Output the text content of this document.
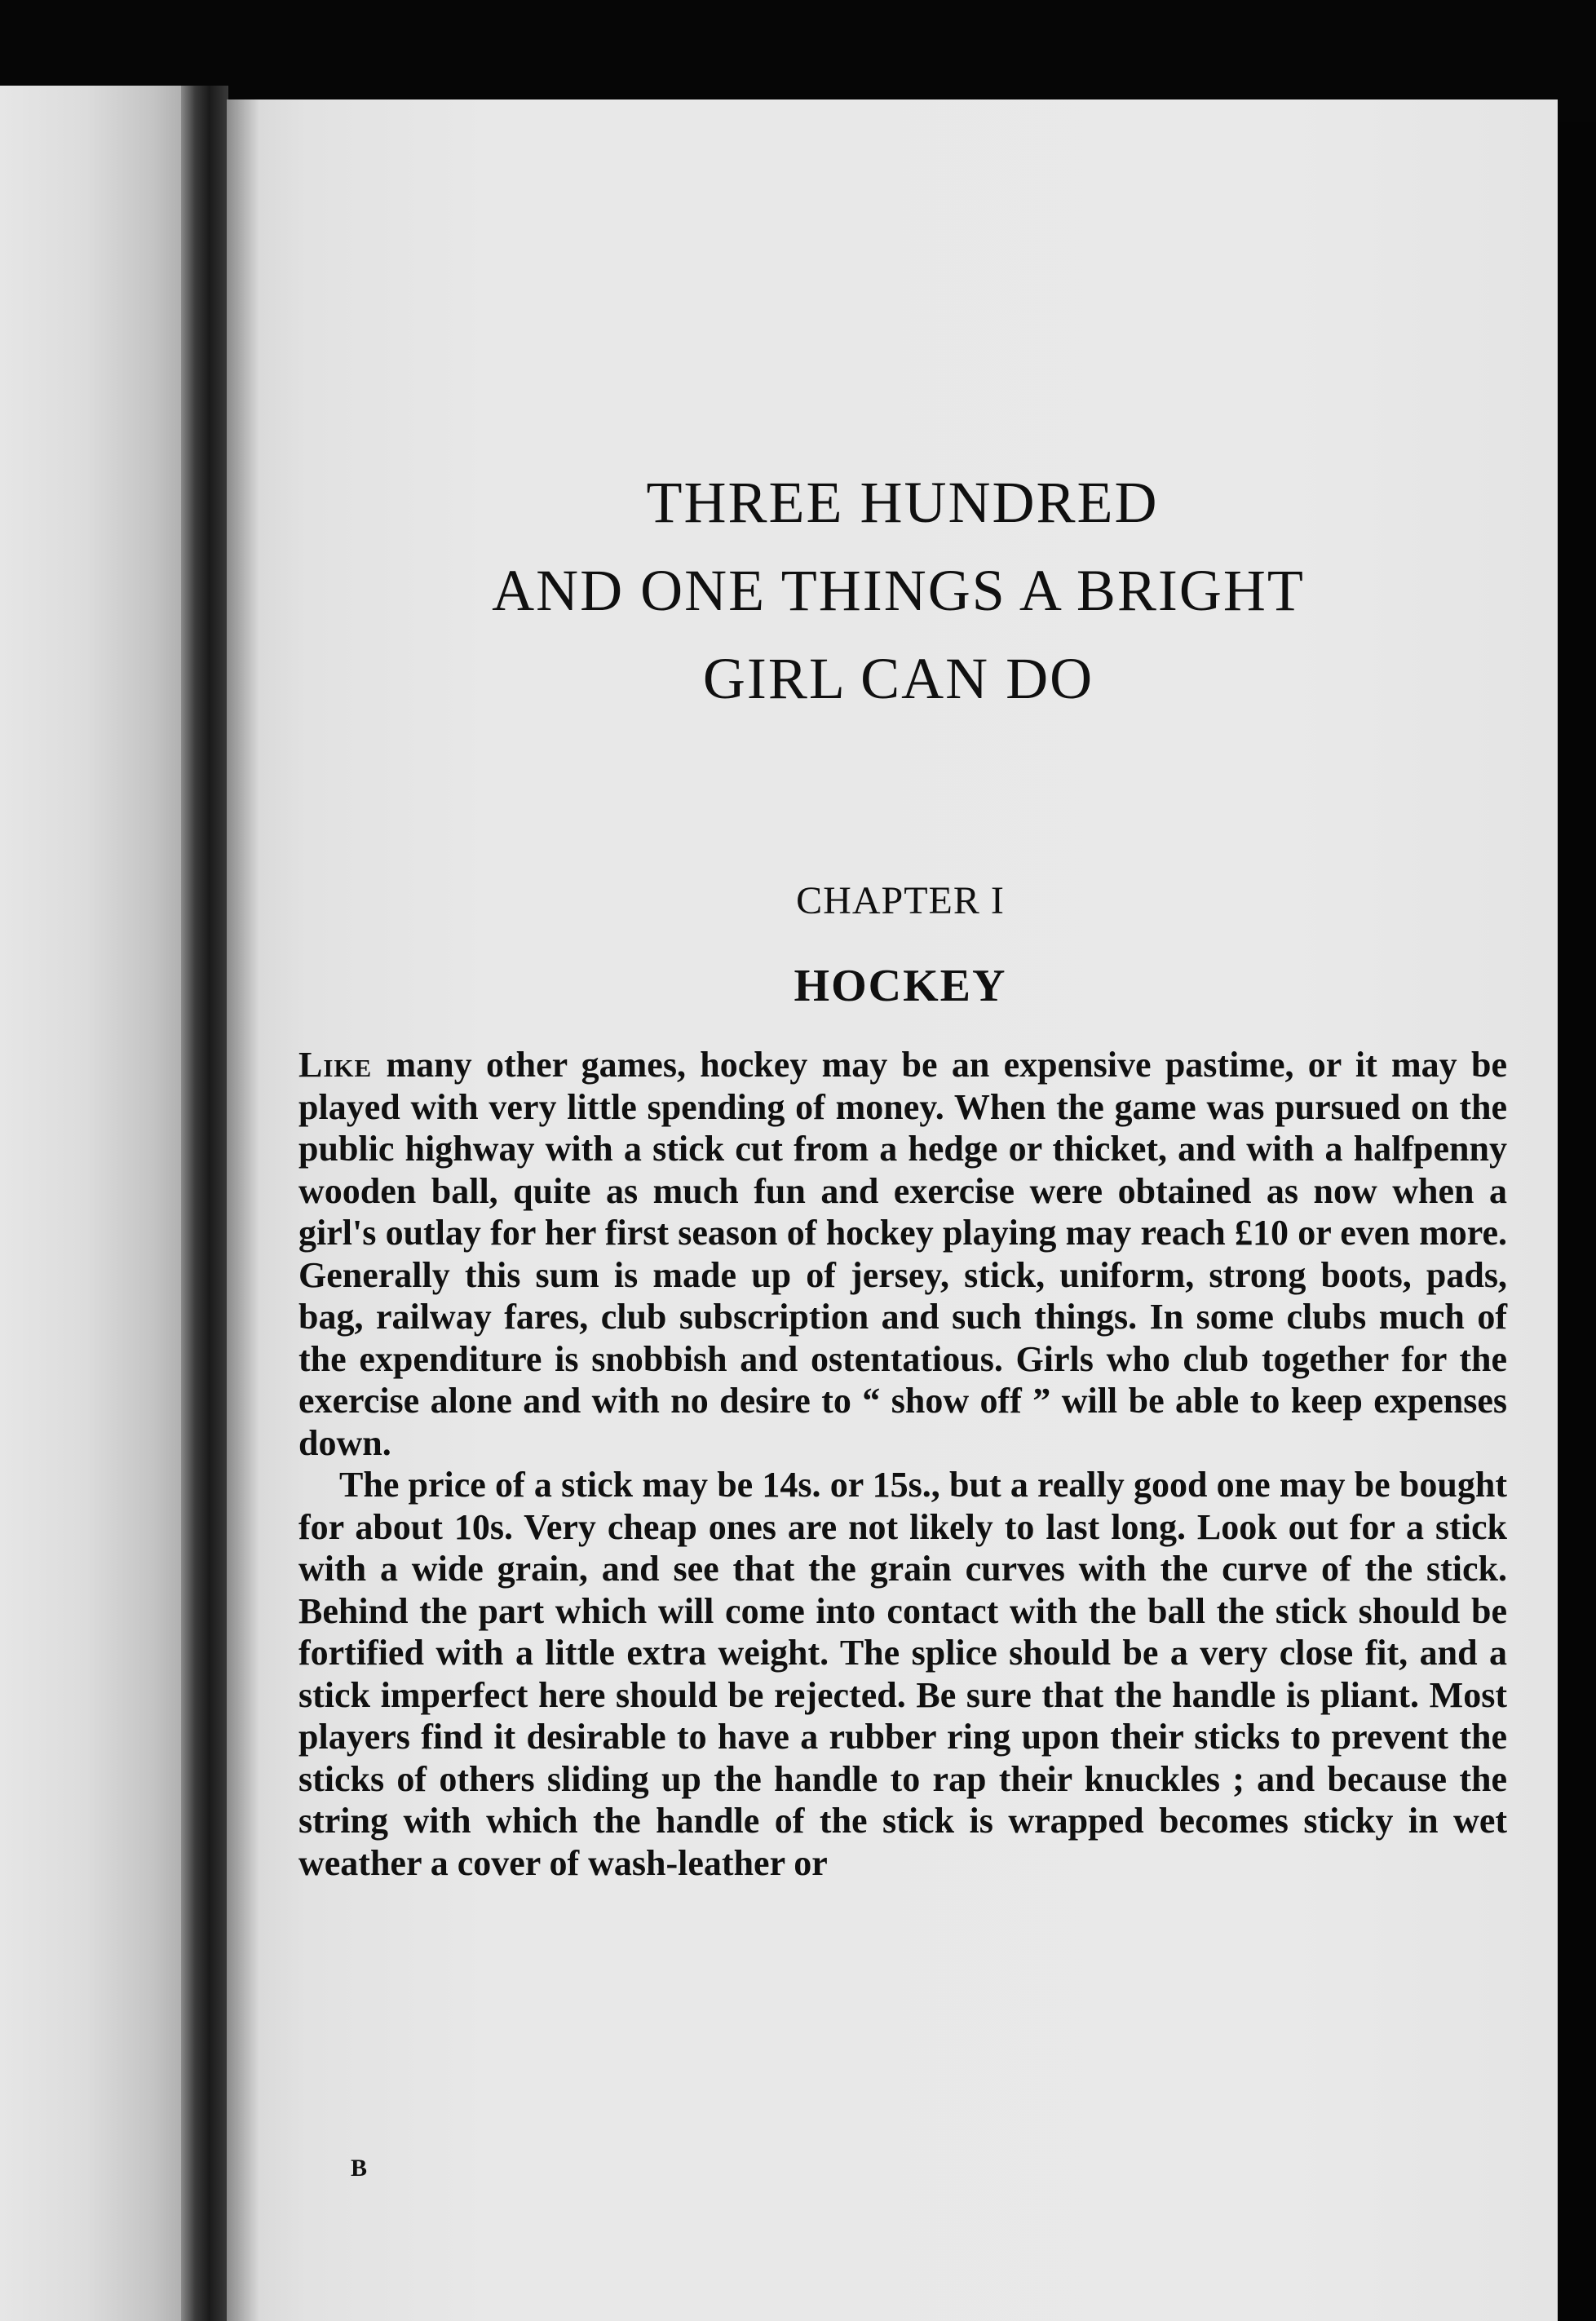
THREE HUNDRED
AND ONE THINGS A BRIGHT
GIRL CAN DO
CHAPTER I
HOCKEY

Like many other games, hockey may be an expensive pastime, or it may be played with very little spending of money. When the game was pursued on the public highway with a stick cut from a hedge or thicket, and with a halfpenny wooden ball, quite as much fun and exercise were obtained as now when a girl's outlay for her first season of hockey playing may reach £10 or even more. Generally this sum is made up of jersey, stick, uniform, strong boots, pads, bag, railway fares, club subscription and such things. In some clubs much of the expenditure is snobbish and ostentatious. Girls who club together for the exercise alone and with no desire to “ show off ” will be able to keep expenses down.

The price of a stick may be 14s. or 15s., but a really good one may be bought for about 10s. Very cheap ones are not likely to last long. Look out for a stick with a wide grain, and see that the grain curves with the curve of the stick. Behind the part which will come into contact with the ball the stick should be fortified with a little extra weight. The splice should be a very close fit, and a stick imperfect here should be rejected. Be sure that the handle is pliant. Most players find it desirable to have a rubber ring upon their sticks to prevent the sticks of others sliding up the handle to rap their knuckles ; and because the string with which the handle of the stick is wrapped becomes sticky in wet weather a cover of wash-leather or

B
